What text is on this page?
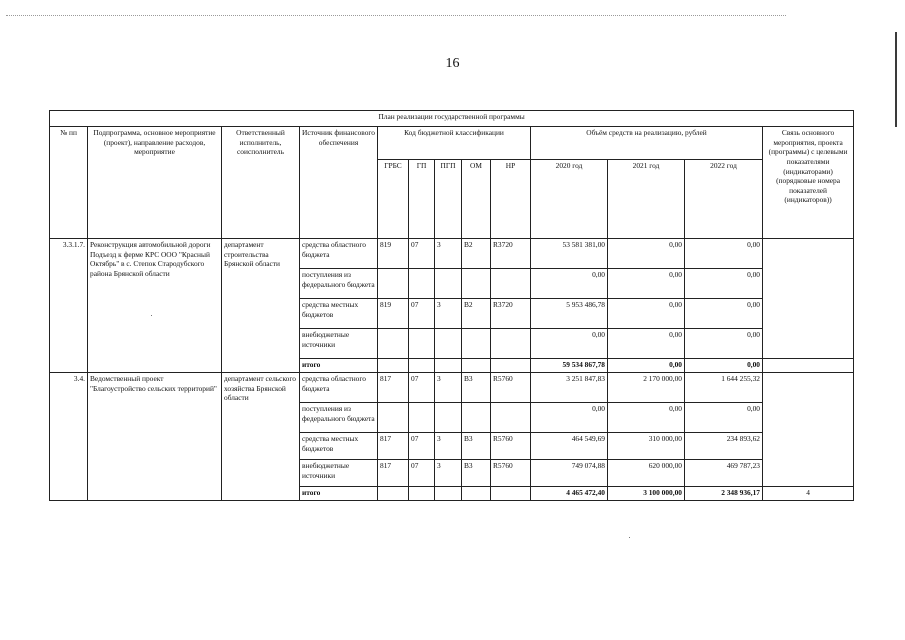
16
План реализации государственной программы												
№ пп	Подпрограмма, основное мероприятие (проект), направление расходов, мероприятие	Ответственный исполнитель, соисполнитель	Источник финансового обеспечения	Код бюджетной классификации					Объём средств на реализацию, рублей			Связь основного мероприятия, проекта (программы) с целевыми показателями (индикаторами) (порядковые номера показателей (индикаторов))
				ГРБС	ГП	ПГП	ОМ	НР	2020 год	2021 год	2022 год	
3.3.1.7.	Реконструкция автомобильной дороги Подъезд к ферме КРС ООО "Красный Октябрь" в с. Степок Стародубского района Брянской области	департамент строительства Брянской области	средства областного бюджета	819	07	3	В2	R3720	53 581 381,00	0,00	0,00	
			поступления из федерального бюджета						0,00	0,00	0,00	
			средства местных бюджетов	819	07	3	В2	R3720	5 953 486,78	0,00	0,00	
			внебюджетные источники						0,00	0,00	0,00	
			итого						59 534 867,78	0,00	0,00	
3.4.	Ведомственный проект "Благоустройство сельских территорий"	департамент сельского хозяйства Брянской области	средства областного бюджета	817	07	3	В3	R5760	3 251 847,83	2 170 000,00	1 644 255,32	
			поступления из федерального бюджета						0,00	0,00	0,00	
			средства местных бюджетов	817	07	3	В3	R5760	464 549,69	310 000,00	234 893,62	
			внебюджетные источники	817	07	3	В3	R5760	749 074,88	620 000,00	469 787,23	
			итого						4 465 472,40	3 100 000,00	2 348 936,17	4
